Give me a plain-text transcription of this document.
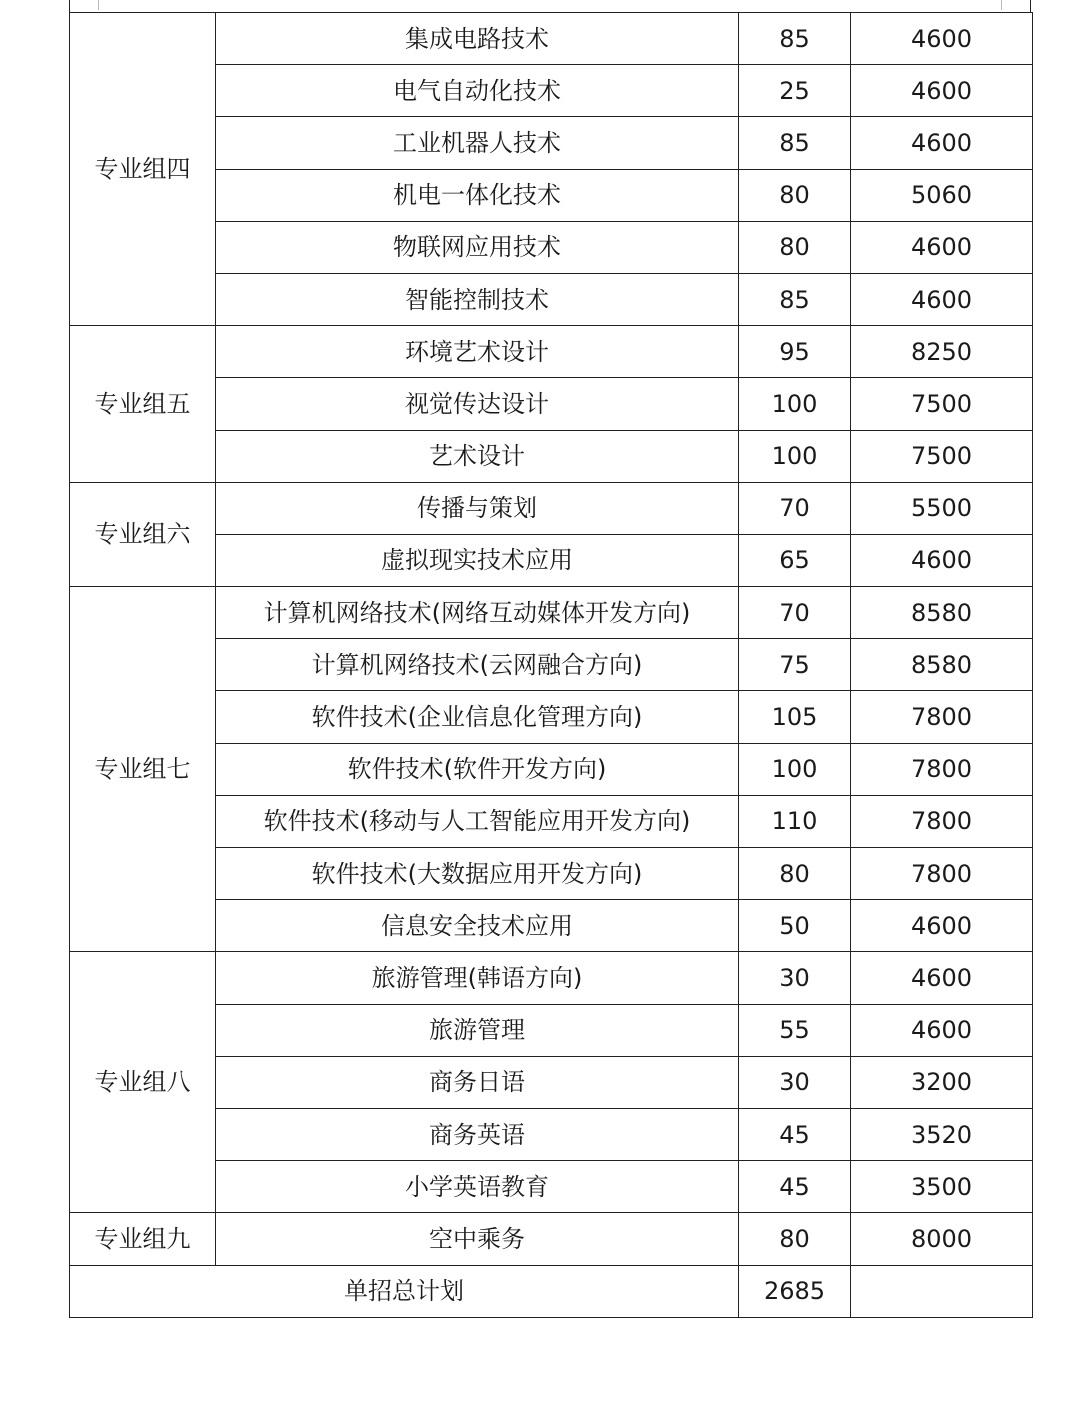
专业组四	集成电路技术	85	4600
	电气自动化技术	25	4600
	工业机器人技术	85	4600
	机电一体化技术	80	5060
	物联网应用技术	80	4600
	智能控制技术	85	4600
专业组五	环境艺术设计	95	8250
	视觉传达设计	100	7500
	艺术设计	100	7500
专业组六	传播与策划	70	5500
	虚拟现实技术应用	65	4600
专业组七	计算机网络技术(网络互动媒体开发方向)	70	8580
	计算机网络技术(云网融合方向)	75	8580
	软件技术(企业信息化管理方向)	105	7800
	软件技术(软件开发方向)	100	7800
	软件技术(移动与人工智能应用开发方向)	110	7800
	软件技术(大数据应用开发方向)	80	7800
	信息安全技术应用	50	4600
专业组八	旅游管理(韩语方向)	30	4600
	旅游管理	55	4600
	商务日语	30	3200
	商务英语	45	3520
	小学英语教育	45	3500
专业组九	空中乘务	80	8000
单招总计划		2685	
